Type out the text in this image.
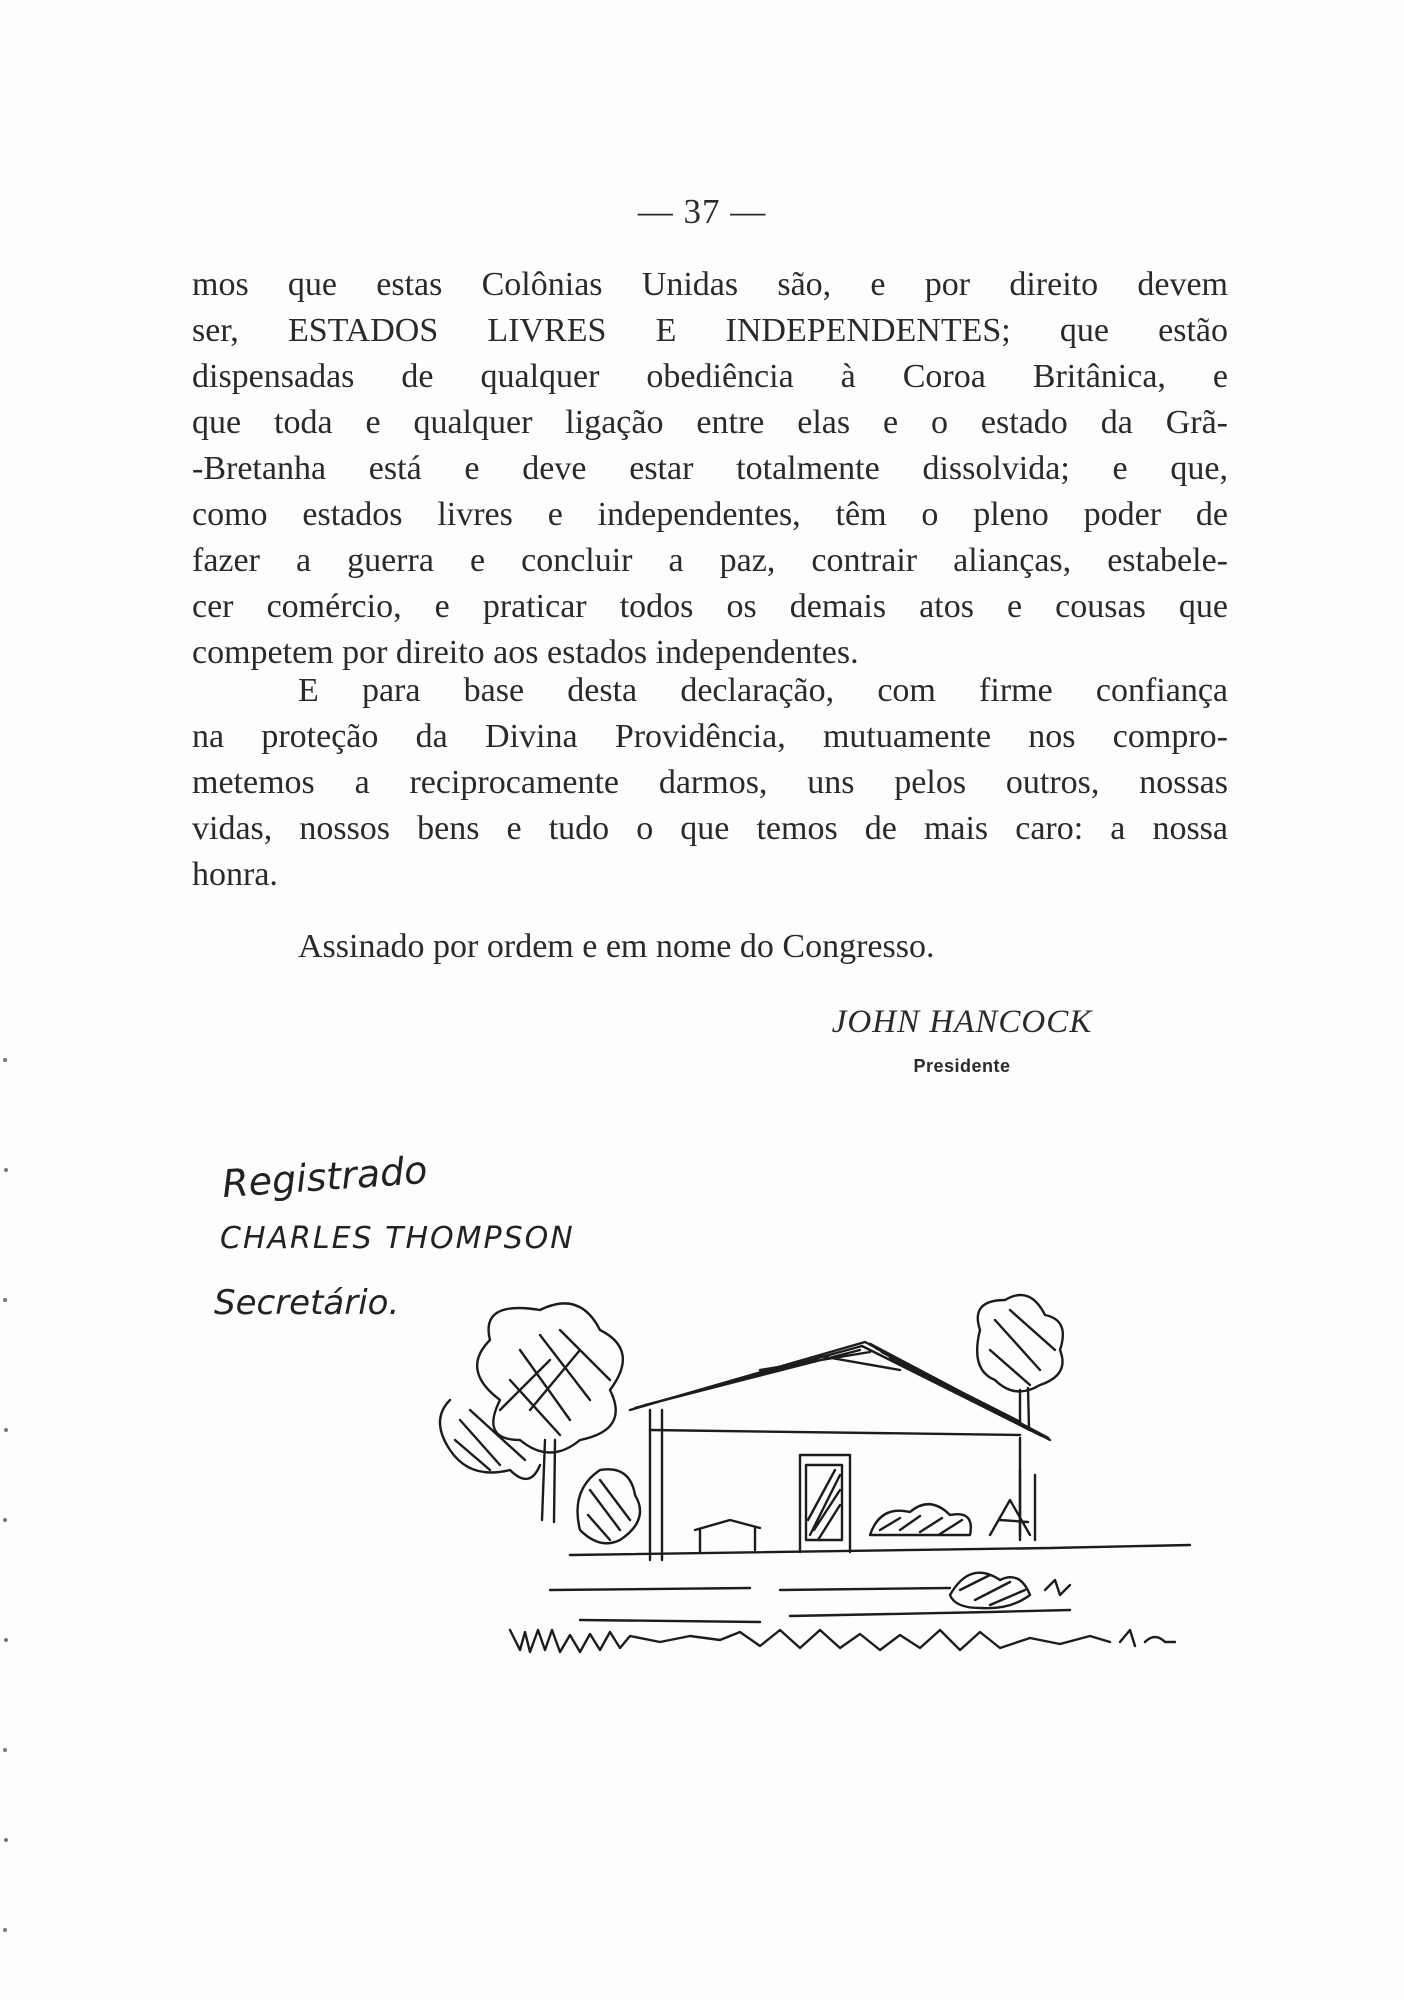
— 37 —

mos que estas Colônias Unidas são, e por direito devem
ser, ESTADOS LIVRES E INDEPENDENTES; que estão
dispensadas de qualquer obediência à Coroa Britânica, e
que toda e qualquer ligação entre elas e o estado da Grã-
-Bretanha está e deve estar totalmente dissolvida; e que,
como estados livres e independentes, têm o pleno poder de
fazer a guerra e concluir a paz, contrair alianças, estabele-
cer comércio, e praticar todos os demais atos e cousas que
competem por direito aos estados independentes.

E para base desta declaração, com firme confiança
na proteção da Divina Providência, mutuamente nos compro-
metemos a reciprocamente darmos, uns pelos outros, nossas
vidas, nossos bens e tudo o que temos de mais caro: a nossa
honra.

Assinado por ordem e em nome do Congresso.

JOHN HANCOCK
Presidente
Registrado
CHARLES THOMPSON
Secretário.
